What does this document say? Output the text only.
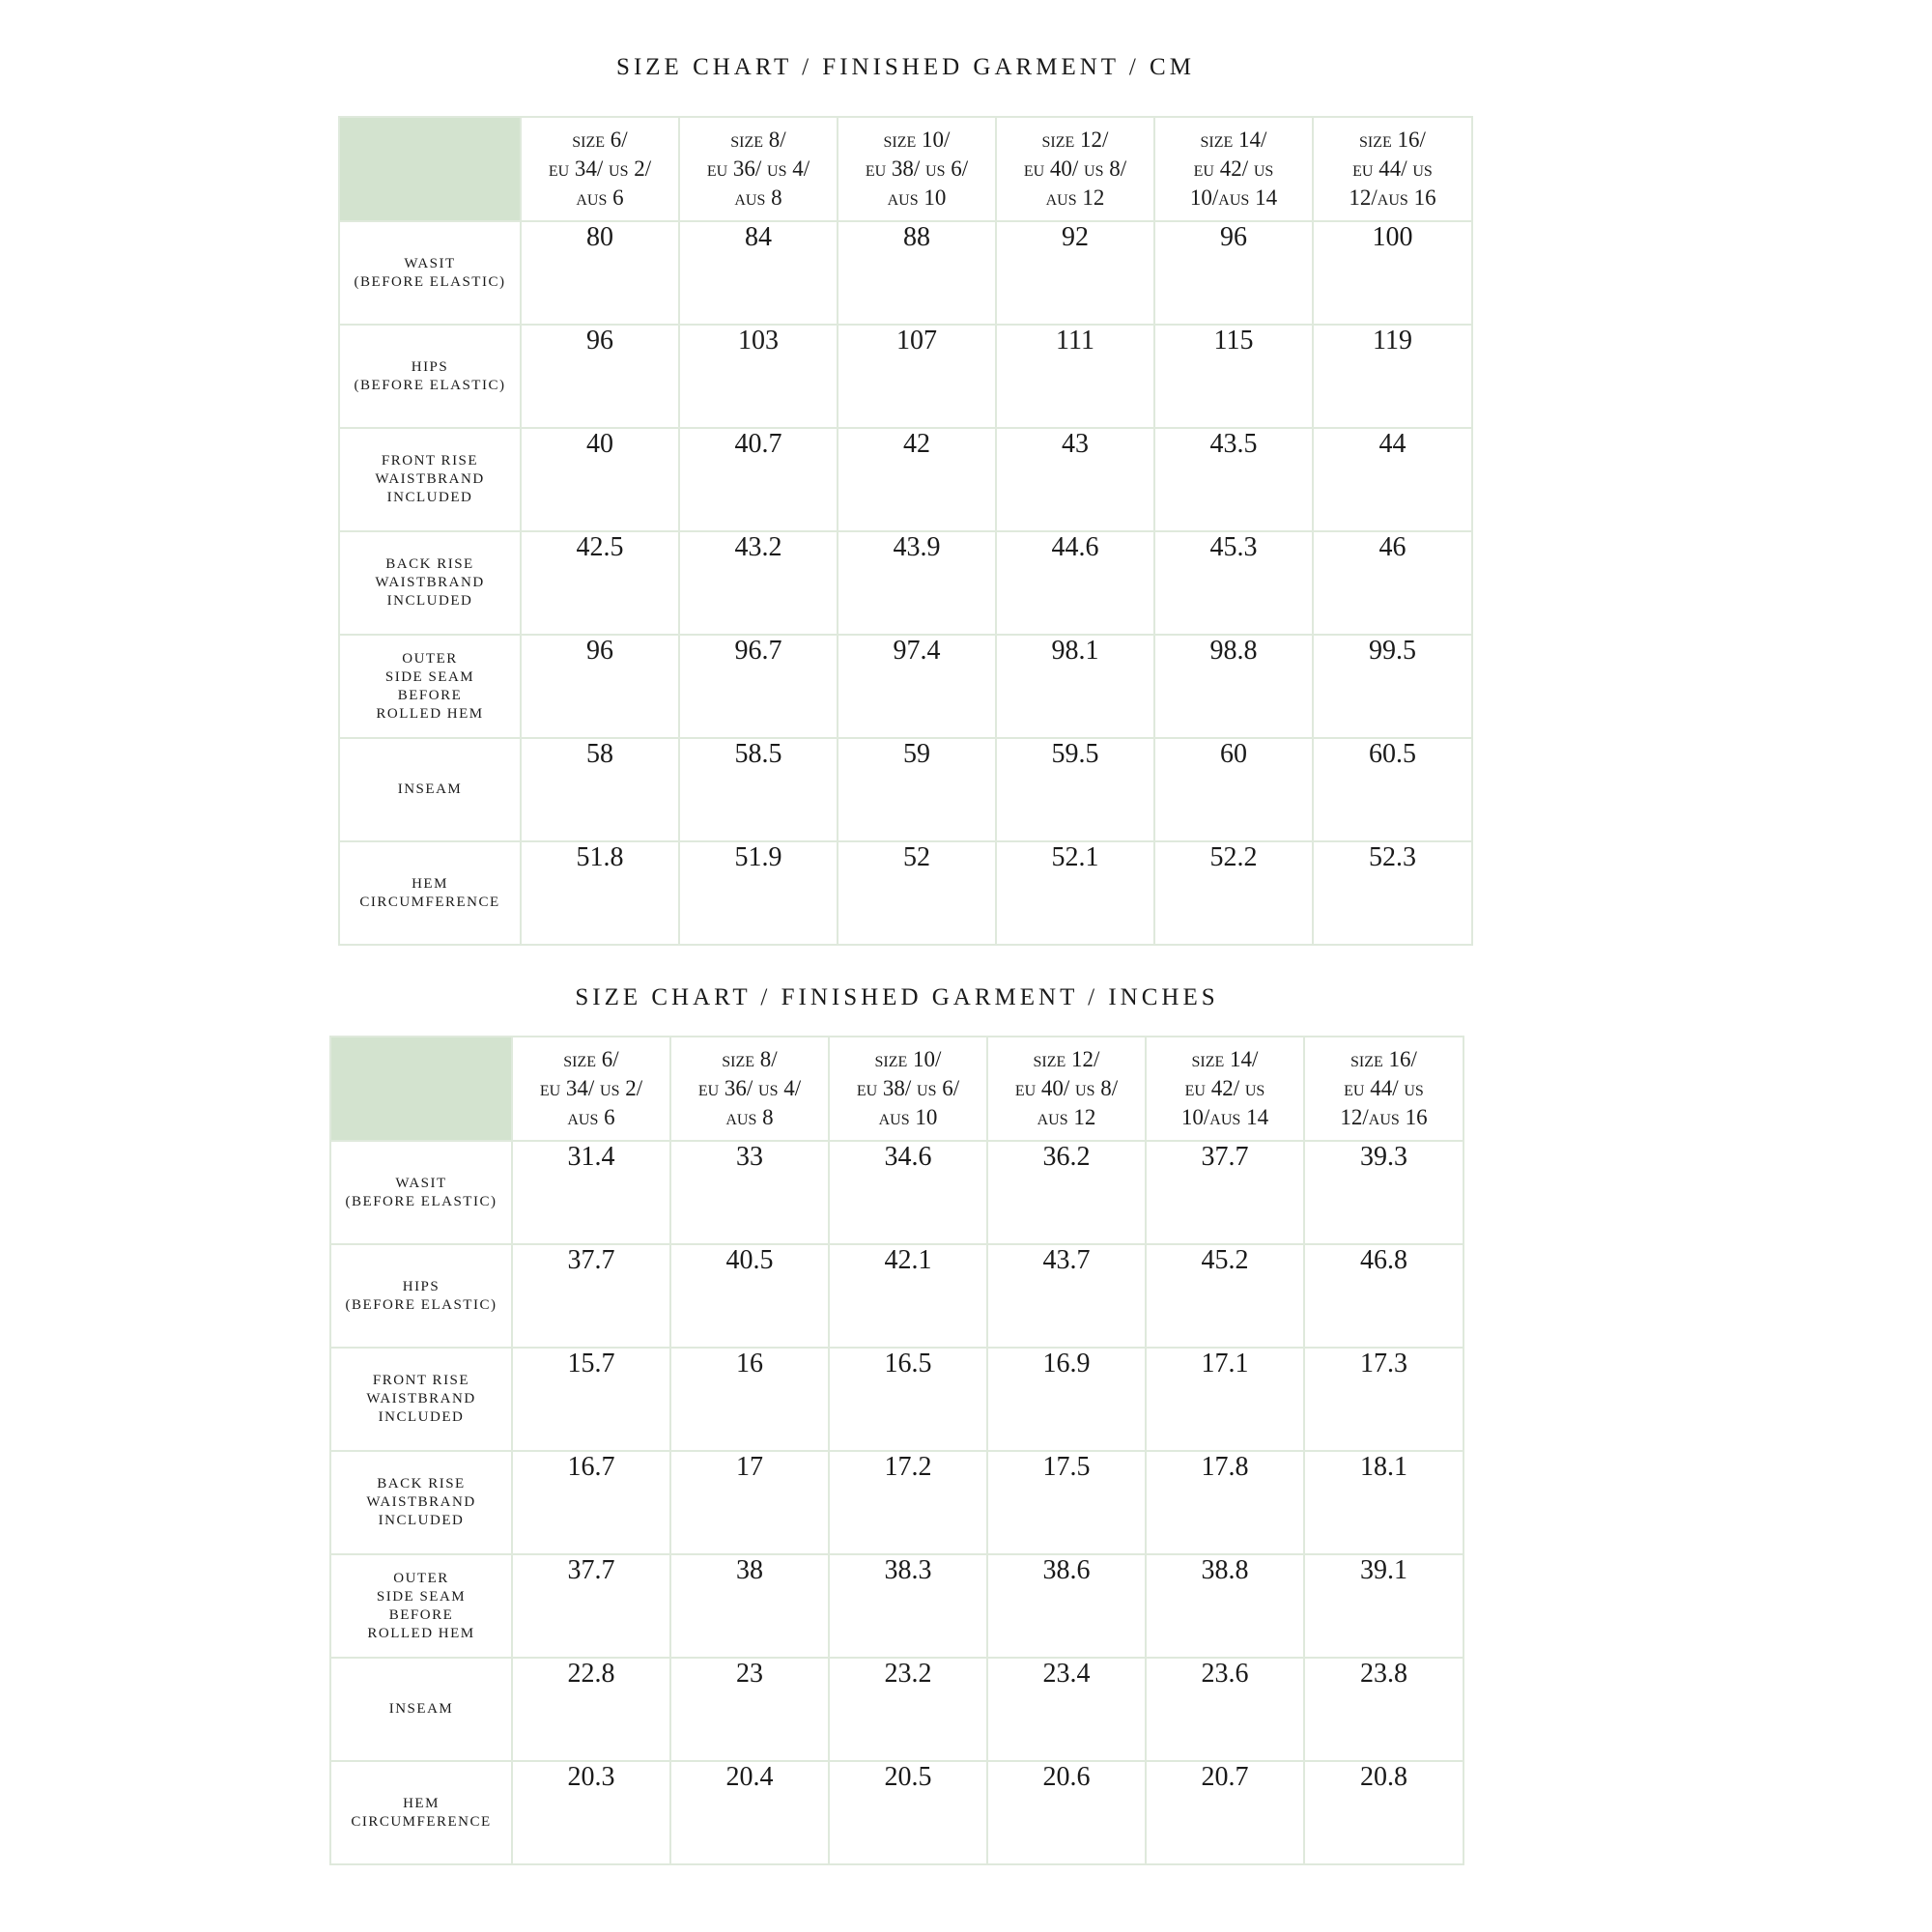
SIZE CHART / FINISHED GARMENT / CM
	size 6/
eu 34/ us 2/
aus 6	size 8/
eu 36/ us 4/
aus 8	size 10/
eu 38/ us 6/
aus 10	size 12/
eu 40/ us 8/
aus 12	size 14/
eu 42/ us
10/aus 14	size 16/
eu 44/ us
12/aus 16
WASIT
(BEFORE ELASTIC)	80	84	88	92	96	100
HIPS
(BEFORE ELASTIC)	96	103	107	111	115	119
FRONT RISE
WAISTBRAND
INCLUDED	40	40.7	42	43	43.5	44
BACK RISE
WAISTBRAND
INCLUDED	42.5	43.2	43.9	44.6	45.3	46
OUTER
SIDE SEAM
BEFORE
ROLLED HEM	96	96.7	97.4	98.1	98.8	99.5
INSEAM	58	58.5	59	59.5	60	60.5
HEM
CIRCUMFERENCE	51.8	51.9	52	52.1	52.2	52.3
SIZE CHART / FINISHED GARMENT / INCHES
	size 6/
eu 34/ us 2/
aus 6	size 8/
eu 36/ us 4/
aus 8	size 10/
eu 38/ us 6/
aus 10	size 12/
eu 40/ us 8/
aus 12	size 14/
eu 42/ us
10/aus 14	size 16/
eu 44/ us
12/aus 16
WASIT
(BEFORE ELASTIC)	31.4	33	34.6	36.2	37.7	39.3
HIPS
(BEFORE ELASTIC)	37.7	40.5	42.1	43.7	45.2	46.8
FRONT RISE
WAISTBRAND
INCLUDED	15.7	16	16.5	16.9	17.1	17.3
BACK RISE
WAISTBRAND
INCLUDED	16.7	17	17.2	17.5	17.8	18.1
OUTER
SIDE SEAM
BEFORE
ROLLED HEM	37.7	38	38.3	38.6	38.8	39.1
INSEAM	22.8	23	23.2	23.4	23.6	23.8
HEM
CIRCUMFERENCE	20.3	20.4	20.5	20.6	20.7	20.8
